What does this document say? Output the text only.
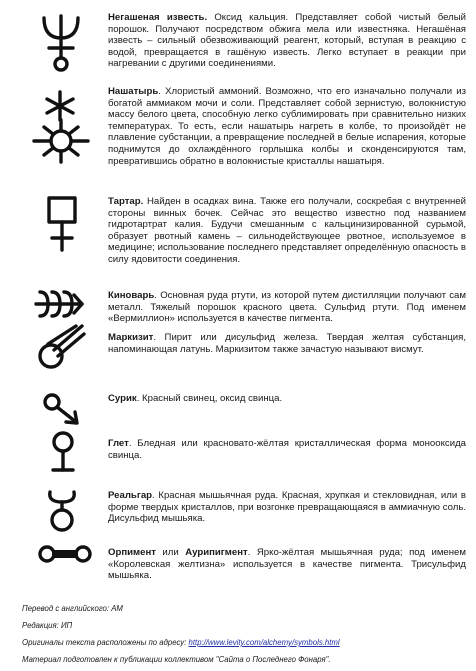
Негашеная известь. Оксид кальция. Представляет собой чистый белый порошок. Получают посредством обжига мела или известняка. Негашёная известь – сильный обезвоживающий реагент, который, вступая в реакцию с водой, превращается в гашёную известь. Легко вступает в реакции при нагревании с другими соединениями.

Нашатырь. Хлористый аммоний. Возможно, что его изначально получали из богатой аммиаком мочи и соли. Представляет собой зернистую, волокнистую массу белого цвета, способную легко сублимировать при сравнительно низких температурах. То есть, если нашатырь нагреть в колбе, то произойдёт не плавление субстанции, а превращение последней в белые испарения, которые поднимутся до охлаждённого горлышка колбы и сконденсируются там, превратившись обратно в волокнистые кристаллы нашатыря.

Тартар. Найден в осадках вина. Также его получали, соскребая с внутренней стороны винных бочек. Сейчас это вещество известно под названием гидротартрат калия. Будучи смешанным с кальцинизированной сурьмой, образует рвотный камень – сильнодействующее рвотное, используемое в медицине; использование последнего представляет определённую опасность в силу ядовитости соединения.

Киноварь. Основная руда ртути, из которой путем дистилляции получают сам металл. Тяжелый порошок красного цвета. Сульфид ртути. Под именем «Вермиллион» используется в качестве пигмента.

Маркизит. Пирит или дисульфид железа. Твердая желтая субстанция, напоминающая латунь. Маркизитом также зачастую называют висмут.

Сурик. Красный свинец, оксид свинца.

Глет. Бледная или красновато-жёлтая кристаллическая форма монооксида свинца.

Реальгар. Красная мышьячная руда. Красная, хрупкая и стекловидная, или в форме твердых кристаллов, при возгонке превращающаяся в аммиачную соль. Дисульфид мышьяка.

Орпимент или Аурипигмент. Ярко-жёлтая мышьячная руда; под именем «Королевская желтизна» используется в качестве пигмента. Трисульфид мышьяка.

Перевод с английского: АМ
Редакция: ИП
Оригиналы текста расположены по адресу: http://www.levity.com/alchemy/symbols.html
Материал подготовлен к публикации коллективом "Сайта о Последнего Фонаря".
